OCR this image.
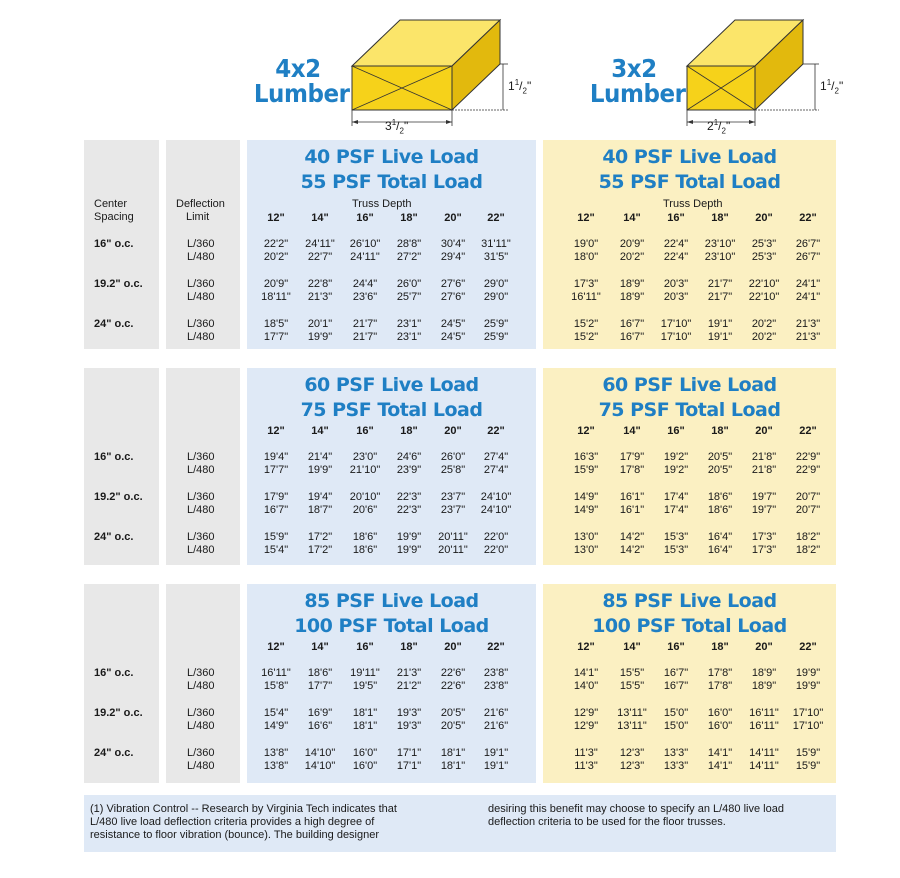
4x2
Lumber	$1^1/_2$"
$3^1/_2$"
3x2
Lumber	$1^1/_2$"
$2^1/_2$"
40 PSF Live Load
55 PSF Total Load
40 PSF Live Load
55 PSF Total Load
Center
Spacing
Deflection
Limit
Truss Depth	Truss Depth
12"	12"
14"	14"
16"	16"
18"	18"
20"	20"
22"	22"
16" o.c.	L/360	22'2"	24'11"	26'10"	28'8"	30'4"	31'11"	19'0"	20'9"	22'4"	23'10"	25'3"	26'7"
L/480	20'2"	22'7"	24'11"	27'2"	29'4"	31'5"	18'0"	20'2"	22'4"	23'10"	25'3"	26'7"
19.2" o.c.	L/360	20'9"	22'8"	24'4"	26'0"	27'6"	29'0"	17'3"	18'9"	20'3"	21'7"	22'10"	24'1"
L/480	18'11"	21'3"	23'6"	25'7"	27'6"	29'0"	16'11"	18'9"	20'3"	21'7"	22'10"	24'1"
24" o.c.	L/360	18'5"	20'1"	21'7"	23'1"	24'5"	25'9"	15'2"	16'7"	17'10"	19'1"	20'2"	21'3"
L/480	17'7"	19'9"	21'7"	23'1"	24'5"	25'9"	15'2"	16'7"	17'10"	19'1"	20'2"	21'3"
60 PSF Live Load
75 PSF Total Load
60 PSF Live Load
75 PSF Total Load
12"	12"
14"	14"
16"	16"
18"	18"
20"	20"
22"	22"
16" o.c.	L/360	19'4"	21'4"	23'0"	24'6"	26'0"	27'4"	16'3"	17'9"	19'2"	20'5"	21'8"	22'9"
L/480	17'7"	19'9"	21'10"	23'9"	25'8"	27'4"	15'9"	17'8"	19'2"	20'5"	21'8"	22'9"
19.2" o.c.	L/360	17'9"	19'4"	20'10"	22'3"	23'7"	24'10"	14'9"	16'1"	17'4"	18'6"	19'7"	20'7"
L/480	16'7"	18'7"	20'6"	22'3"	23'7"	24'10"	14'9"	16'1"	17'4"	18'6"	19'7"	20'7"
24" o.c.	L/360	15'9"	17'2"	18'6"	19'9"	20'11"	22'0"	13'0"	14'2"	15'3"	16'4"	17'3"	18'2"
L/480	15'4"	17'2"	18'6"	19'9"	20'11"	22'0"	13'0"	14'2"	15'3"	16'4"	17'3"	18'2"
85 PSF Live Load
100 PSF Total Load
85 PSF Live Load
100 PSF Total Load
12"	12"
14"	14"
16"	16"
18"	18"
20"	20"
22"	22"
16" o.c.	L/360	16'11"	18'6"	19'11"	21'3"	22'6"	23'8"	14'1"	15'5"	16'7"	17'8"	18'9"	19'9"
L/480	15'8"	17'7"	19'5"	21'2"	22'6"	23'8"	14'0"	15'5"	16'7"	17'8"	18'9"	19'9"
19.2" o.c.	L/360	15'4"	16'9"	18'1"	19'3"	20'5"	21'6"	12'9"	13'11"	15'0"	16'0"	16'11"	17'10"
L/480	14'9"	16'6"	18'1"	19'3"	20'5"	21'6"	12'9"	13'11"	15'0"	16'0"	16'11"	17'10"
24" o.c.	L/360	13'8"	14'10"	16'0"	17'1"	18'1"	19'1"	11'3"	12'3"	13'3"	14'1"	14'11"	15'9"
L/480	13'8"	14'10"	16'0"	17'1"	18'1"	19'1"	11'3"	12'3"	13'3"	14'1"	14'11"	15'9"
(1) Vibration Control -- Research by Virginia Tech indicates that
L/480 live load deflection criteria provides a high degree of
resistance to floor vibration (bounce). The building designer
desiring this benefit may choose to specify an L/480 live load
deflection criteria to be used for the floor trusses.
